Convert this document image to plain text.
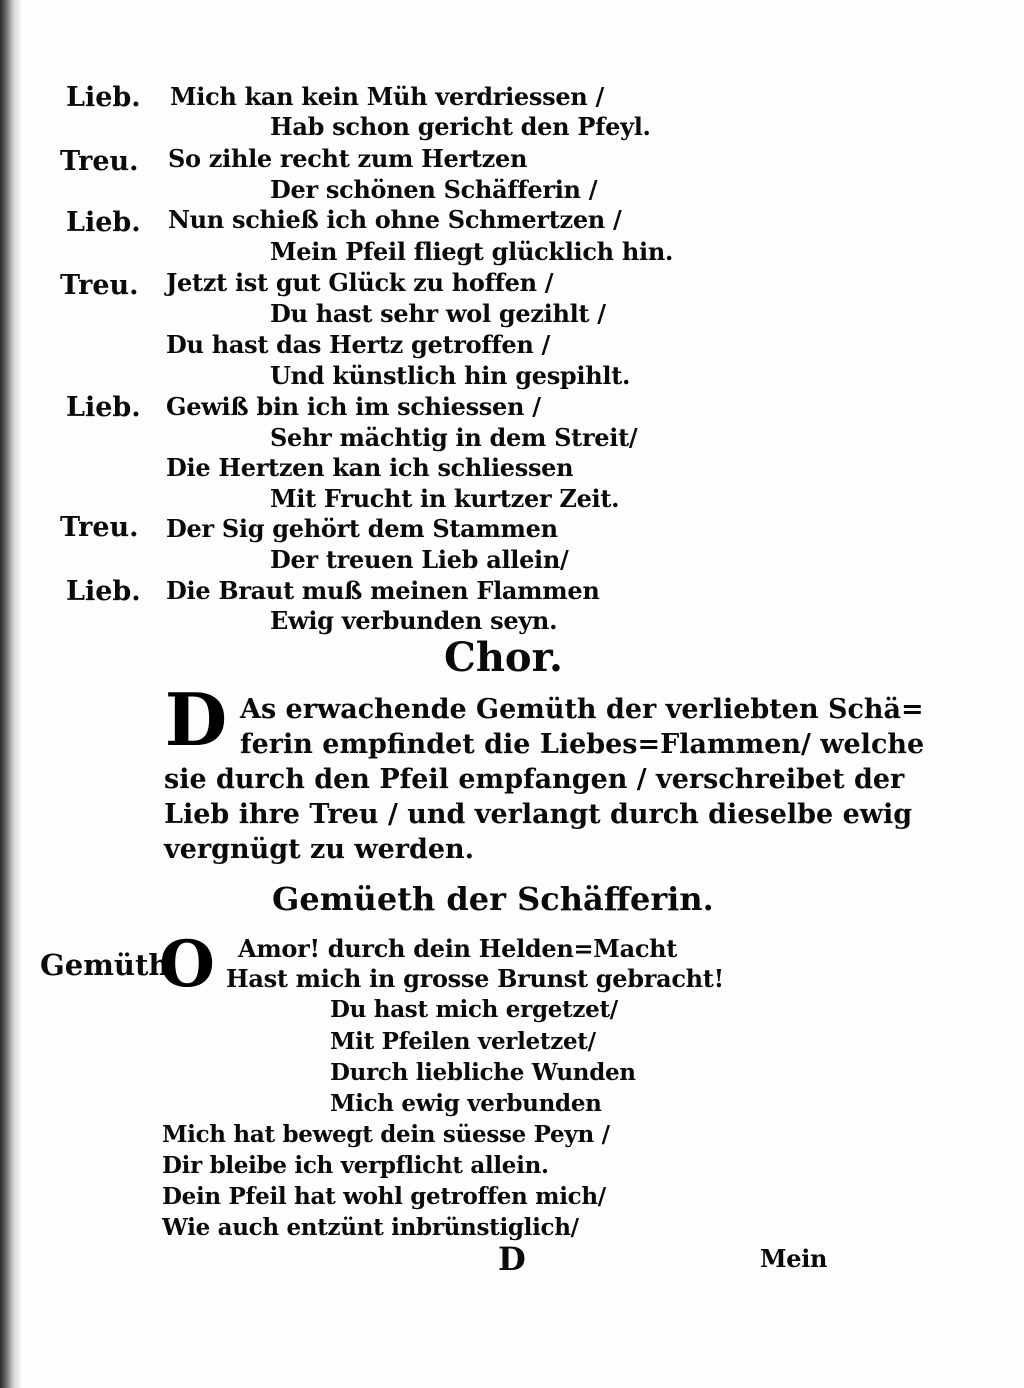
Lieb. Mich kan kein Müh verdriessen /
Hab schon gericht den Pfeyl.
Treu. So zihle recht zum Hertzen
Der schönen Schäfferin /
Lieb. Nun schieß ich ohne Schmertzen /
Mein Pfeil fliegt glücklich hin.
Treu. Jetzt ist gut Glück zu hoffen /
Du hast sehr wol gezihlt /
Du hast das Hertz getroffen /
Und künstlich hin gespihlt.
Lieb. Gewiß bin ich im schiessen /
Sehr mächtig in dem Streit/
Die Hertzen kan ich schliessen
Mit Frucht in kurtzer Zeit.
Treu. Der Sig gehört dem Stammen
Der treuen Lieb allein/
Lieb. Die Braut muß meinen Flammen
Ewig verbunden seyn.
Chor.
D As erwachende Gemüth der verliebten Schä=
ferin empfindet die Liebes=Flammen/ welche
sie durch den Pfeil empfangen / verschreibet der
Lieb ihre Treu / und verlangt durch dieselbe ewig
vergnügt zu werden.
Gemüeth der Schäfferin.
Gemüth
O Amor! durch dein Helden=Macht
Hast mich in grosse Brunst gebracht!
Du hast mich ergetzet/
Mit Pfeilen verletzet/
Durch liebliche Wunden
Mich ewig verbunden
Mich hat bewegt dein süesse Peyn /
Dir bleibe ich verpflicht allein.
Dein Pfeil hat wohl getroffen mich/
Wie auch entzünt inbrünstiglich/
D	Mein
